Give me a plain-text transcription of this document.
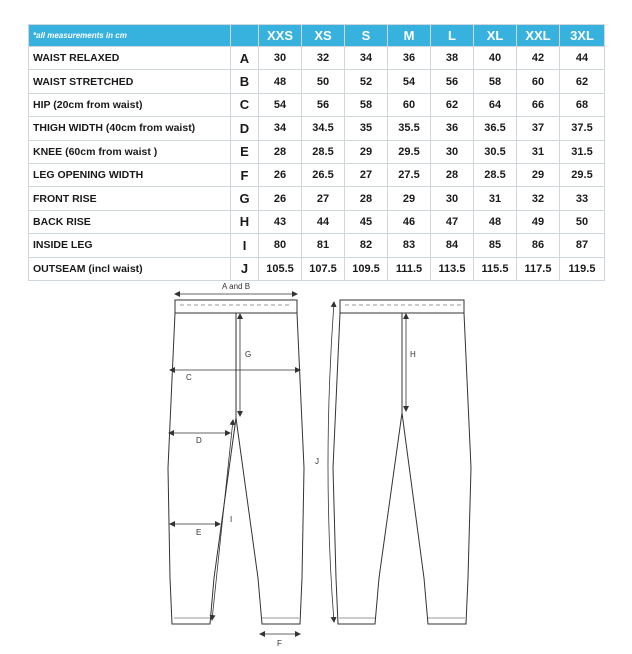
*all measurements in cm		XXS	XS	S	M	L	XL	XXL	3XL
WAIST RELAXED	A	30	32	34	36	38	40	42	44
WAIST STRETCHED	B	48	50	52	54	56	58	60	62
HIP (20cm from waist)	C	54	56	58	60	62	64	66	68
THIGH WIDTH (40cm from waist)	D	34	34.5	35	35.5	36	36.5	37	37.5
KNEE (60cm from waist )	E	28	28.5	29	29.5	30	30.5	31	31.5
LEG OPENING WIDTH	F	26	26.5	27	27.5	28	28.5	29	29.5
FRONT RISE	G	26	27	28	29	30	31	32	33
BACK RISE	H	43	44	45	46	47	48	49	50
INSIDE LEG	I	80	81	82	83	84	85	86	87
OUTSEAM (incl waist)	J	105.5	107.5	109.5	111.5	113.5	115.5	117.5	119.5
A and B
C
D
E
F
G	H
I
J
